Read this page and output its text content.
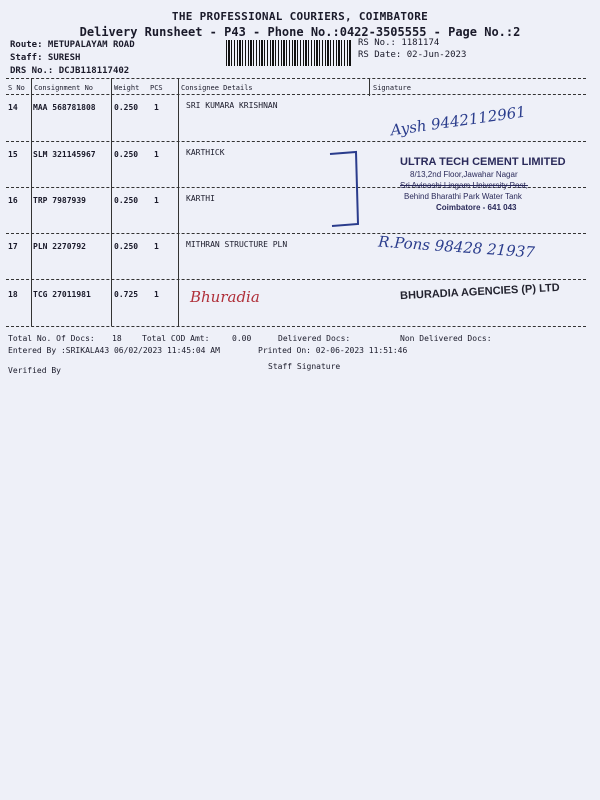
THE PROFESSIONAL COURIERS, COIMBATORE
Delivery Runsheet - P43 - Phone No.:0422-3505555 - Page No.:2
Route: METUPALAYAM ROAD
Staff: SURESH
DRS No.: DCJB118117402
RS No.: 1181174
RS Date: 02-Jun-2023
S No Consignment No	Weight PCS	Consignee Details	Signature
14 MAA 568781808 0.250 1	SRI KUMARA KRISHNAN
15 SLM 321145967 0.250 1	KARTHICK
16 TRP 7987939	0.250 1	KARTHI
17 PLN 2270792	0.250 1	MITHRAN STRUCTURE PLN
18 TCG 27011981	0.725 1
Aysh 9442112961
ULTRA TECH CEMENT LIMITED
8/13,2nd Floor,Jawahar Nagar
Sri Avinashi Lingam University Post,
Behind Bharathi Park Water Tank
Coimbatore - 641 043
R.Pons 98428 21937
Bhuradia	BHURADIA AGENCIES (P) LTD
Total No. Of Docs: 18	Total COD Amt:	0.00	Delivered Docs:	Non Delivered Docs:
Entered By :SRIKALA43 06/02/2023 11:45:04 AM	Printed On: 02-06-2023 11:51:46
Verified By	Staff Signature
